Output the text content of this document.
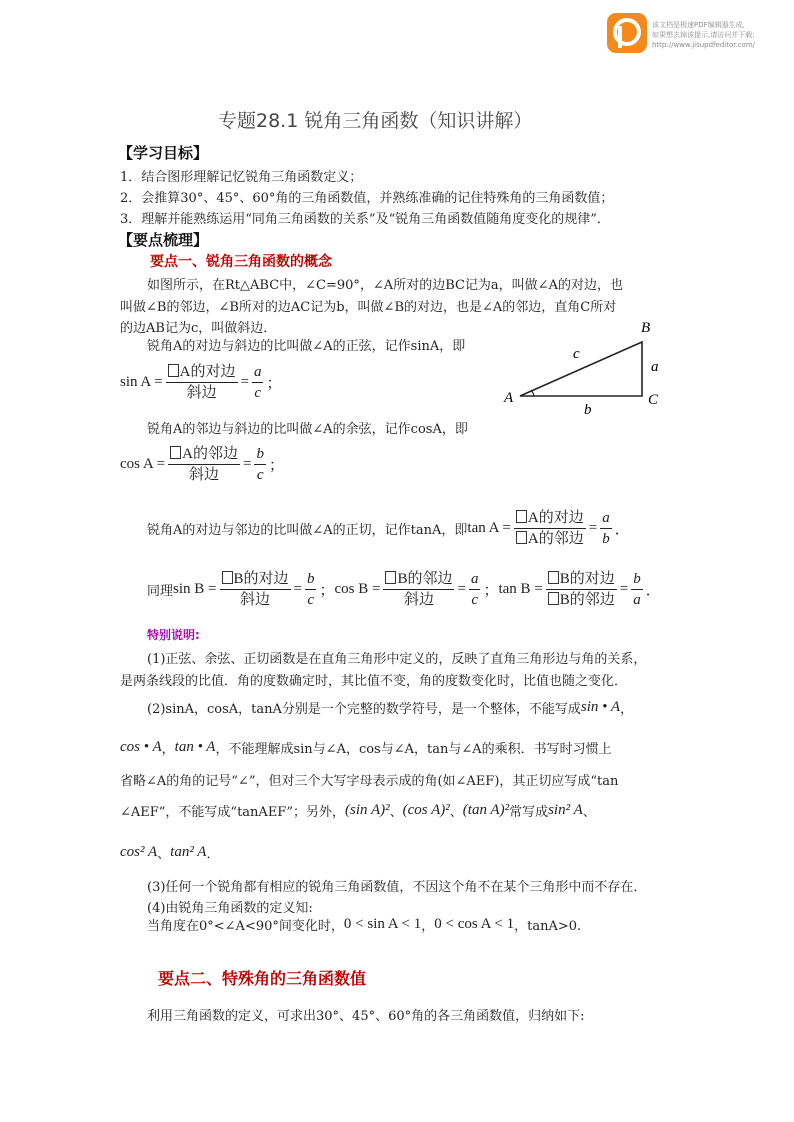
该文档是极速PDF编辑器生成,
如果想去掉该提示,请访问并下载:
http://www.jisupdfeditor.com/
专题28.1 锐角三角函数（知识讲解）
【学习目标】
1．结合图形理解记忆锐角三角函数定义；
2．会推算30°、45°、60°角的三角函数值，并熟练准确的记住特殊角的三角函数值；
3．理解并能熟练运用“同角三角函数的关系”及“锐角三角函数值随角度变化的规律”．
【要点梳理】
要点一、锐角三角函数的概念
如图所示，在Rt△ABC中，∠C=90°，∠A所对的边BC记为a，叫做∠A的对边，也
叫做∠B的邻边，∠B所对的边AC记为b，叫做∠B的对边，也是∠A的邻边，直角C所对
的边AB记为c，叫做斜边．	B
A	C
a
b
c
锐角A的对边与斜边的比叫做∠A的正弦，记作sinA，即
$\sin A = \frac{\text{A的对边}}{\text{斜边}} = \frac{a}{c}$ ；
锐角A的邻边与斜边的比叫做∠A的余弦，记作cosA，即
$\cos A = \frac{\text{A的邻边}}{\text{斜边}} = \frac{b}{c}$ ；
锐角A的对边与邻边的比叫做∠A的正切，记作tanA，即 $\tan A = \frac{\text{A的对边}}{\text{A的邻边}} = \frac{a}{b}$ ．
同理 $\sin B = \frac{\text{B的对边}}{\text{斜边}} = \frac{b}{c}$ ； $\cos B = \frac{\text{B的邻边}}{\text{斜边}} = \frac{a}{c}$ ； $\tan B = \frac{\text{B的对边}}{\text{B的邻边}} = \frac{b}{a}$ ．
特别说明:
(1)正弦、余弦、正切函数是在直角三角形中定义的，反映了直角三角形边与角的关系，
是两条线段的比值．角的度数确定时，其比值不变，角的度数变化时，比值也随之变化．
(2)sinA，cosA，tanA分别是一个完整的数学符号，是一个整体，不能写成 sin • A ，
cos • A ， tan • A ，不能理解成sin与∠A，cos与∠A，tan与∠A的乘积．书写时习惯上
省略∠A的角的记号“∠”，但对三个大写字母表示成的角(如∠AEF)，其正切应写成“tan
∠AEF”，不能写成“tanAEF”；另外， (sin A)² 、 (cos A)² 、 (tan A)² 常写成 sin² A 、
cos² A 、 tan² A ．
(3)任何一个锐角都有相应的锐角三角函数值，不因这个角不在某个三角形中而不存在．
(4)由锐角三角函数的定义知:
当角度在0°<∠A<90°间变化时， 0 < sin A < 1 ， 0 < cos A < 1 ，tanA>0.
要点二、特殊角的三角函数值
利用三角函数的定义，可求出30°、45°、60°角的各三角函数值，归纳如下:
